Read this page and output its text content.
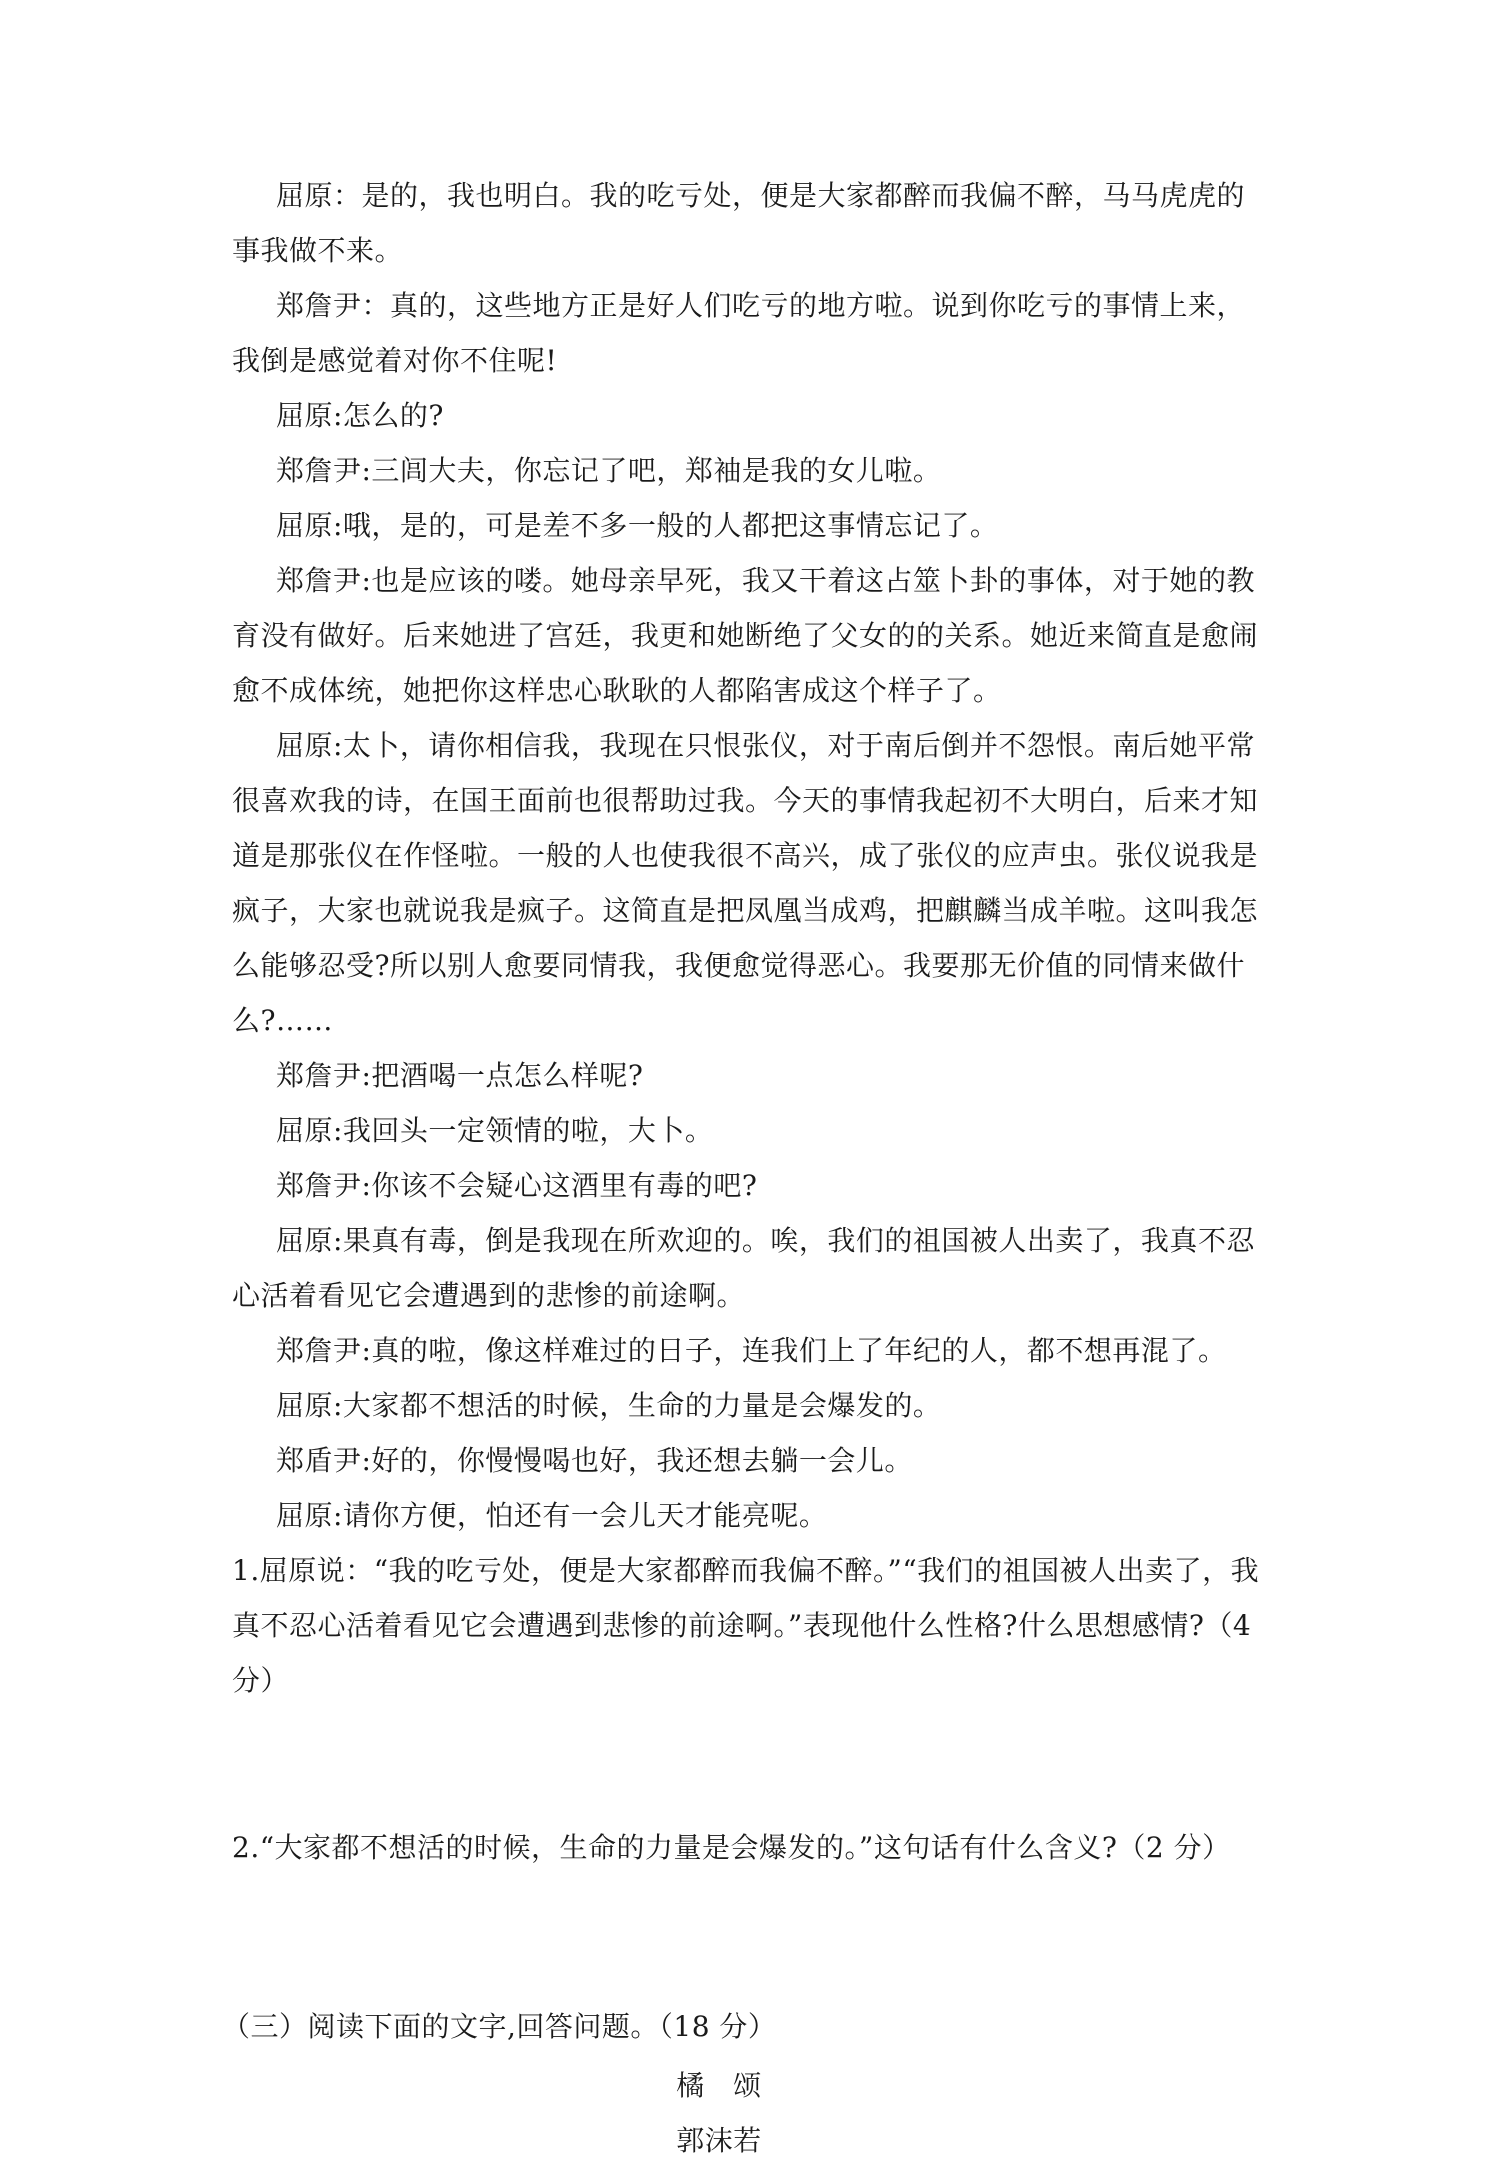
屈原：是的，我也明白。我的吃亏处，便是大家都醉而我偏不醉，马马虎虎的事我做不来。

郑詹尹：真的，这些地方正是好人们吃亏的地方啦。说到你吃亏的事情上来，我倒是感觉着对你不住呢!

屈原:怎么的?

郑詹尹:三闾大夫，你忘记了吧，郑袖是我的女儿啦。

屈原:哦，是的，可是差不多一般的人都把这事情忘记了。

郑詹尹:也是应该的喽。她母亲早死，我又干着这占筮卜卦的事体，对于她的教育没有做好。后来她进了宫廷，我更和她断绝了父女的的关系。她近来简直是愈闹愈不成体统，她把你这样忠心耿耿的人都陷害成这个样子了。

屈原:太卜，请你相信我，我现在只恨张仪，对于南后倒并不怨恨。南后她平常很喜欢我的诗，在国王面前也很帮助过我。今天的事情我起初不大明白，后来才知道是那张仪在作怪啦。一般的人也使我很不高兴，成了张仪的应声虫。张仪说我是疯子，大家也就说我是疯子。这简直是把凤凰当成鸡，把麒麟当成羊啦。这叫我怎么能够忍受?所以别人愈要同情我，我便愈觉得恶心。我要那无价值的同情来做什么?……

郑詹尹:把酒喝一点怎么样呢?

屈原:我回头一定领情的啦，大卜。

郑詹尹:你该不会疑心这酒里有毒的吧?

屈原:果真有毒，倒是我现在所欢迎的。唉，我们的祖国被人出卖了，我真不忍心活着看见它会遭遇到的悲惨的前途啊。

郑詹尹:真的啦，像这样难过的日子，连我们上了年纪的人，都不想再混了。

屈原:大家都不想活的时候，生命的力量是会爆发的。

郑盾尹:好的，你慢慢喝也好，我还想去躺一会儿。

屈原:请你方便，怕还有一会儿天才能亮呢。

1.屈原说：“我的吃亏处，便是大家都醉而我偏不醉。”“我们的祖国被人出卖了，我真不忍心活着看见它会遭遇到悲惨的前途啊。”表现他什么性格?什么思想感情?（4 分）

2.“大家都不想活的时候，生命的力量是会爆发的。”这句话有什么含义?（2 分）

（三）阅读下面的文字,回答问题。（18 分）

橘　颂

郭沫若
